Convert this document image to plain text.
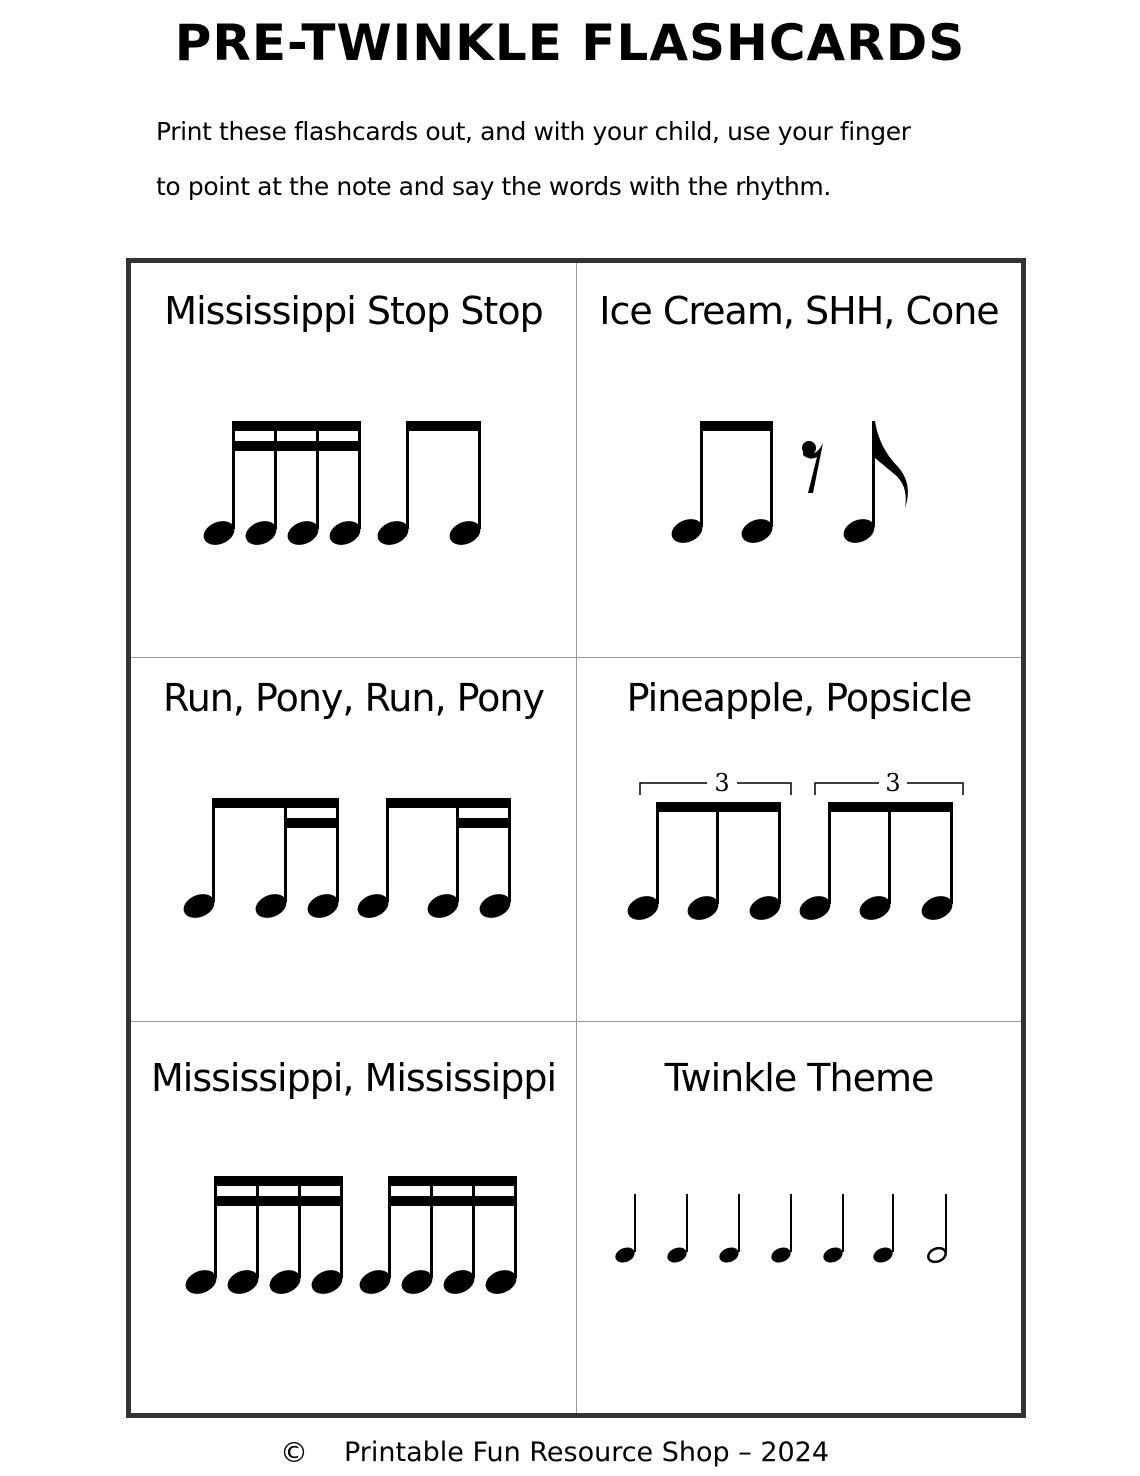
PRE-TWINKLE FLASHCARDS
Print these flashcards out, and with your child, use your finger
to point at the note and say the words with the rhythm.
Mississippi Stop Stop	Ice Cream, SHH, Cone
Run, Pony, Run, Pony	Pineapple, Popsicle
3	3
Mississippi, Mississippi	Twinkle Theme
© Printable Fun Resource Shop – 2024
